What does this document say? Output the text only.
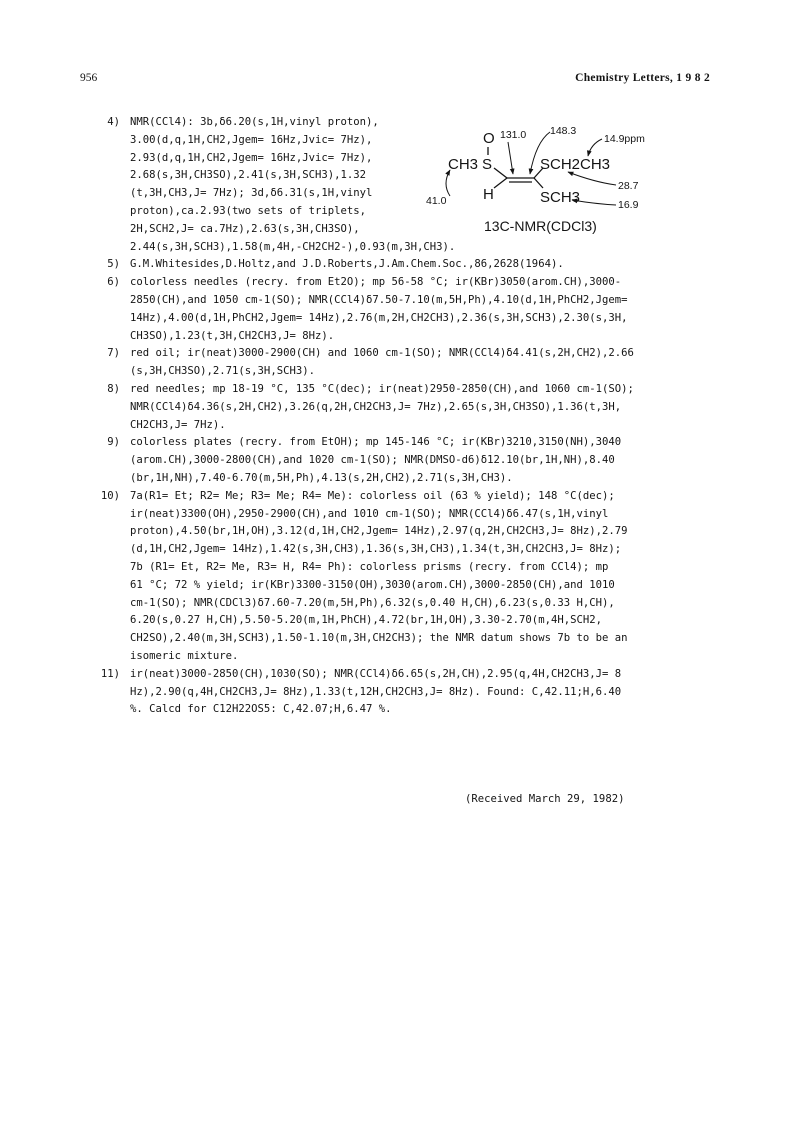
956	Chemistry Letters, 1 9 8 2
O
CH3 S
H
SCH2CH3
SCH3
131.0 148.3
14.9ppm
41.0
28.7
16.9
13C-NMR(CDCl3)
4) NMR(CCl4): 3b,δ6.20(s,1H,vinyl proton),
3.00(d,q,1H,CH2,Jgem= 16Hz,Jvic= 7Hz),
2.93(d,q,1H,CH2,Jgem= 16Hz,Jvic= 7Hz),
2.68(s,3H,CH3SO),2.41(s,3H,SCH3),1.32
(t,3H,CH3,J= 7Hz); 3d,δ6.31(s,1H,vinyl
proton),ca.2.93(two sets of triplets,
2H,SCH2,J= ca.7Hz),2.63(s,3H,CH3SO),
2.44(s,3H,SCH3),1.58(m,4H,-CH2CH2-),0.93(m,3H,CH3).
5) G.M.Whitesides,D.Holtz,and J.D.Roberts,J.Am.Chem.Soc.,86,2628(1964).
6) colorless needles (recry. from Et2O); mp 56-58 °C; ir(KBr)3050(arom.CH),3000-
2850(CH),and 1050 cm-1(SO); NMR(CCl4)δ7.50-7.10(m,5H,Ph),4.10(d,1H,PhCH2,Jgem=
14Hz),4.00(d,1H,PhCH2,Jgem= 14Hz),2.76(m,2H,CH2CH3),2.36(s,3H,SCH3),2.30(s,3H,
CH3SO),1.23(t,3H,CH2CH3,J= 8Hz).
7) red oil; ir(neat)3000-2900(CH) and 1060 cm-1(SO); NMR(CCl4)δ4.41(s,2H,CH2),2.66
(s,3H,CH3SO),2.71(s,3H,SCH3).
8) red needles; mp 18-19 °C, 135 °C(dec); ir(neat)2950-2850(CH),and 1060 cm-1(SO);
NMR(CCl4)δ4.36(s,2H,CH2),3.26(q,2H,CH2CH3,J= 7Hz),2.65(s,3H,CH3SO),1.36(t,3H,
CH2CH3,J= 7Hz).
9) colorless plates (recry. from EtOH); mp 145-146 °C; ir(KBr)3210,3150(NH),3040
(arom.CH),3000-2800(CH),and 1020 cm-1(SO); NMR(DMSO-d6)δ12.10(br,1H,NH),8.40
(br,1H,NH),7.40-6.70(m,5H,Ph),4.13(s,2H,CH2),2.71(s,3H,CH3).
10) 7a(R1= Et; R2= Me; R3= Me; R4= Me): colorless oil (63 % yield); 148 °C(dec);
ir(neat)3300(OH),2950-2900(CH),and 1010 cm-1(SO); NMR(CCl4)δ6.47(s,1H,vinyl
proton),4.50(br,1H,OH),3.12(d,1H,CH2,Jgem= 14Hz),2.97(q,2H,CH2CH3,J= 8Hz),2.79
(d,1H,CH2,Jgem= 14Hz),1.42(s,3H,CH3),1.36(s,3H,CH3),1.34(t,3H,CH2CH3,J= 8Hz);
7b (R1= Et, R2= Me, R3= H, R4= Ph): colorless prisms (recry. from CCl4); mp
61 °C; 72 % yield; ir(KBr)3300-3150(OH),3030(arom.CH),3000-2850(CH),and 1010
cm-1(SO); NMR(CDCl3)δ7.60-7.20(m,5H,Ph),6.32(s,0.40 H,CH),6.23(s,0.33 H,CH),
6.20(s,0.27 H,CH),5.50-5.20(m,1H,PhCH),4.72(br,1H,OH),3.30-2.70(m,4H,SCH2,
CH2SO),2.40(m,3H,SCH3),1.50-1.10(m,3H,CH2CH3); the NMR datum shows 7b to be an
isomeric mixture.
11) ir(neat)3000-2850(CH),1030(SO); NMR(CCl4)δ6.65(s,2H,CH),2.95(q,4H,CH2CH3,J= 8
Hz),2.90(q,4H,CH2CH3,J= 8Hz),1.33(t,12H,CH2CH3,J= 8Hz). Found: C,42.11;H,6.40
%. Calcd for C12H22OS5: C,42.07;H,6.47 %.
(Received March 29, 1982)
